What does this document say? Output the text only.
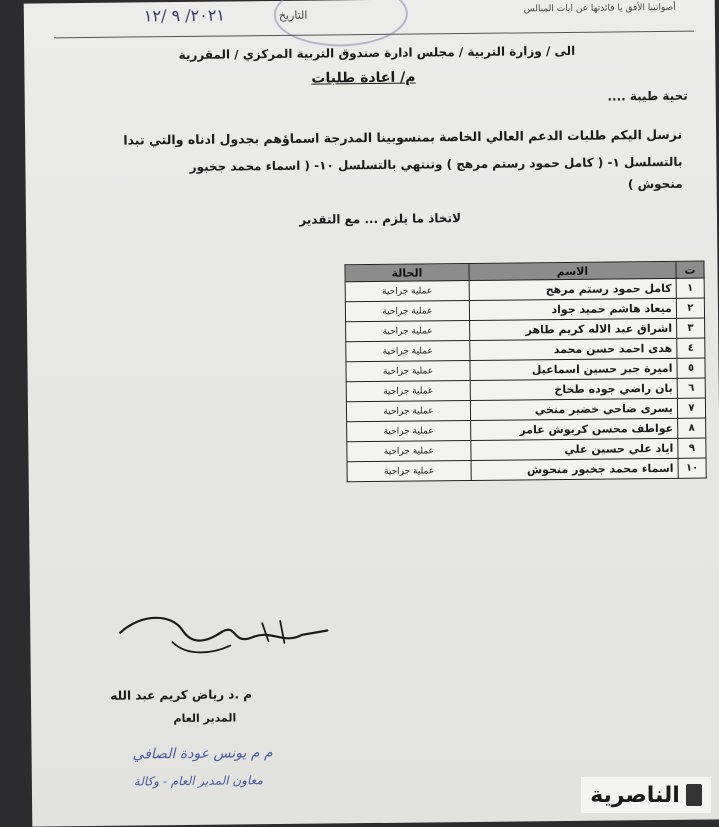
٢٠٢١/ ٩ /١٢	التاريخ
أصواتيبا الأفق يا فائدتها عن ايات المبالس
الى / وزارة التربية / مجلس ادارة صندوق التربية المركزي / المقررية
م/ اعادة طلبات
تحية طيبة ....
نرسل اليكم طلبات الدعم العالي الخاصة بمنسوبينا المدرجة اسماؤهم بجدول ادناه والتي تبدا
بالتسلسل ١- ( كامل حمود رستم مرهج ) وتنتهي بالتسلسل ١٠- ( اسماء محمد جخبور
منحوش )
لاتخاذ ما يلزم ... مع التقدير
ت	الاسم	الحالة
١	كامل حمود رستم مرهج	عملية جراحية
٢	ميعاد هاشم حميد جواد	عملية جراحية
٣	اشراق عبد الاله كريم طاهر	عملية جراحية
٤	هدى احمد حسن محمد	عملية جراحية
٥	اميرة جبر حسين اسماعيل	عملية جراحية
٦	بان راضي جوده طخاخ	عملية جراحية
٧	يسرى ضاحي خضير منخي	عملية جراحية
٨	عواطف محسن كريوش عامر	عملية جراحية
٩	اياد علي حسين علي	عملية جراحية
١٠	اسماء محمد جخبور منحوش	عملية جراحية
م .د رياض كريم عبد الله
المدير العام
م م يونس عودة الصافي
معاون المدير العام - وكالة
الناصرية
